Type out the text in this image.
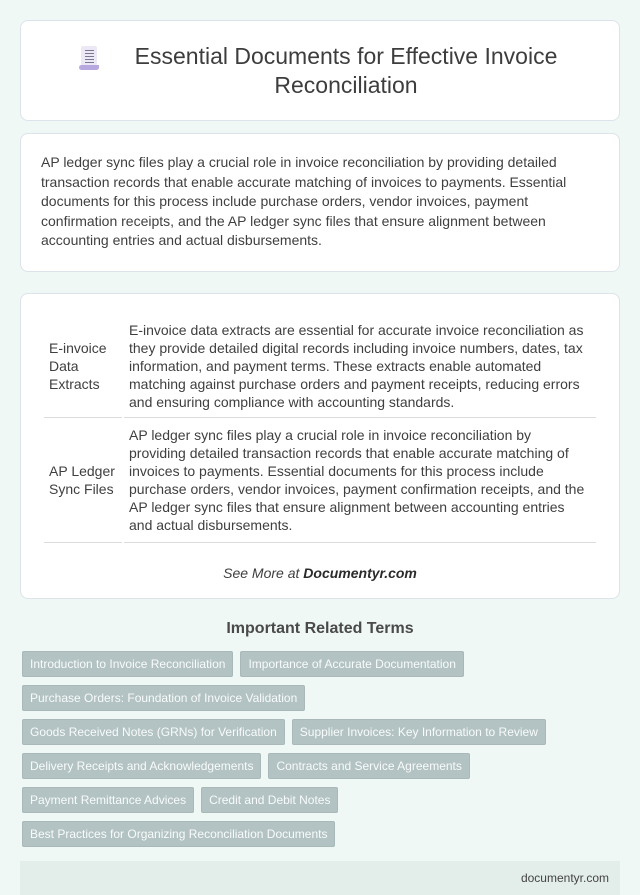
Essential Documents for Effective Invoice Reconciliation

AP ledger sync files play a crucial role in invoice reconciliation by providing detailed transaction records that enable accurate matching of invoices to payments. Essential documents for this process include purchase orders, vendor invoices, payment confirmation receipts, and the AP ledger sync files that ensure alignment between accounting entries and actual disbursements.

E-invoice Data Extracts	E-invoice data extracts are essential for accurate invoice reconciliation as they provide detailed digital records including invoice numbers, dates, tax information, and payment terms. These extracts enable automated matching against purchase orders and payment receipts, reducing errors and ensuring compliance with accounting standards.
AP Ledger Sync Files	AP ledger sync files play a crucial role in invoice reconciliation by providing detailed transaction records that enable accurate matching of invoices to payments. Essential documents for this process include purchase orders, vendor invoices, payment confirmation receipts, and the AP ledger sync files that ensure alignment between accounting entries and actual disbursements.

See More at Documentyr.com

Important Related Terms
Introduction to Invoice Reconciliation	Importance of Accurate Documentation
Purchase Orders: Foundation of Invoice Validation
Goods Received Notes (GRNs) for Verification	Supplier Invoices: Key Information to Review
Delivery Receipts and Acknowledgements	Contracts and Service Agreements
Payment Remittance Advices	Credit and Debit Notes
Best Practices for Organizing Reconciliation Documents
documentyr.com
